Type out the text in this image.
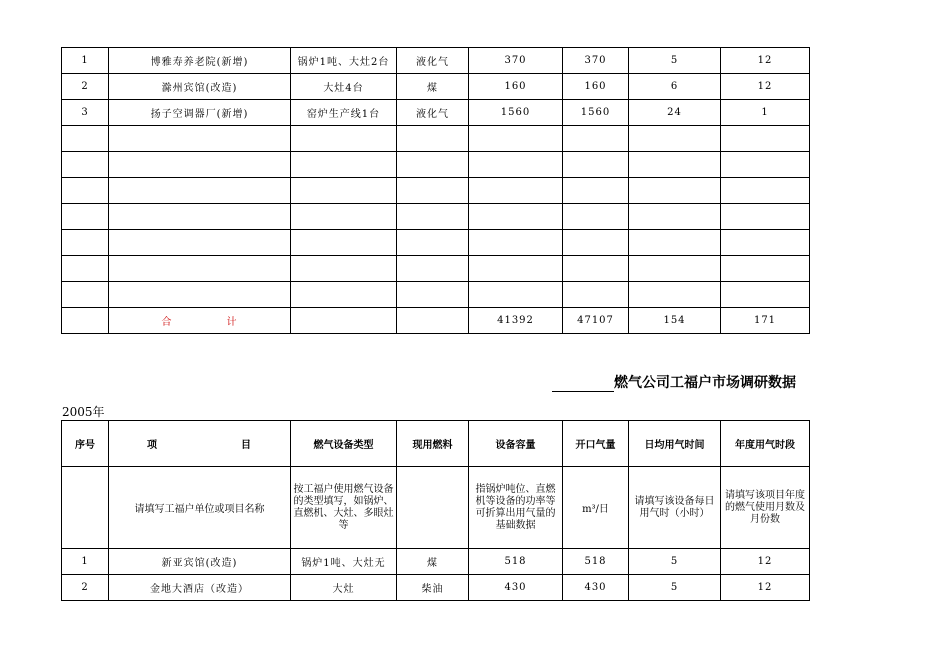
1	博雅寿养老院(新增)	锅炉1吨、大灶2台	液化气	370	370	5	12
2	滁州宾馆(改造)	大灶4台	煤	160	160	6	12
3	扬子空调器厂(新增)	窑炉生产线1台	液化气	1560	1560	24	1

	合 计			41392	47107	154	171
燃气公司工福户市场调研数据
2005年
序号	项 目	燃气设备类型	现用燃料	设备容量	开口气量	日均用气时间	年度用气时段
	请填写工福户单位或项目名称	按工福户使用燃气设备的类型填写，如锅炉、直燃机、大灶、多眼灶等		指锅炉吨位、直燃机等设备的功率等可折算出用气量的基础数据	m³/日	请填写该设备每日用气时（小时）	请填写该项目年度的燃气使用月数及月份数
1	新亚宾馆(改造)	锅炉1吨、大灶无	煤	518	518	5	12
2	金地大酒店（改造）	大灶	柴油	430	430	5	12
